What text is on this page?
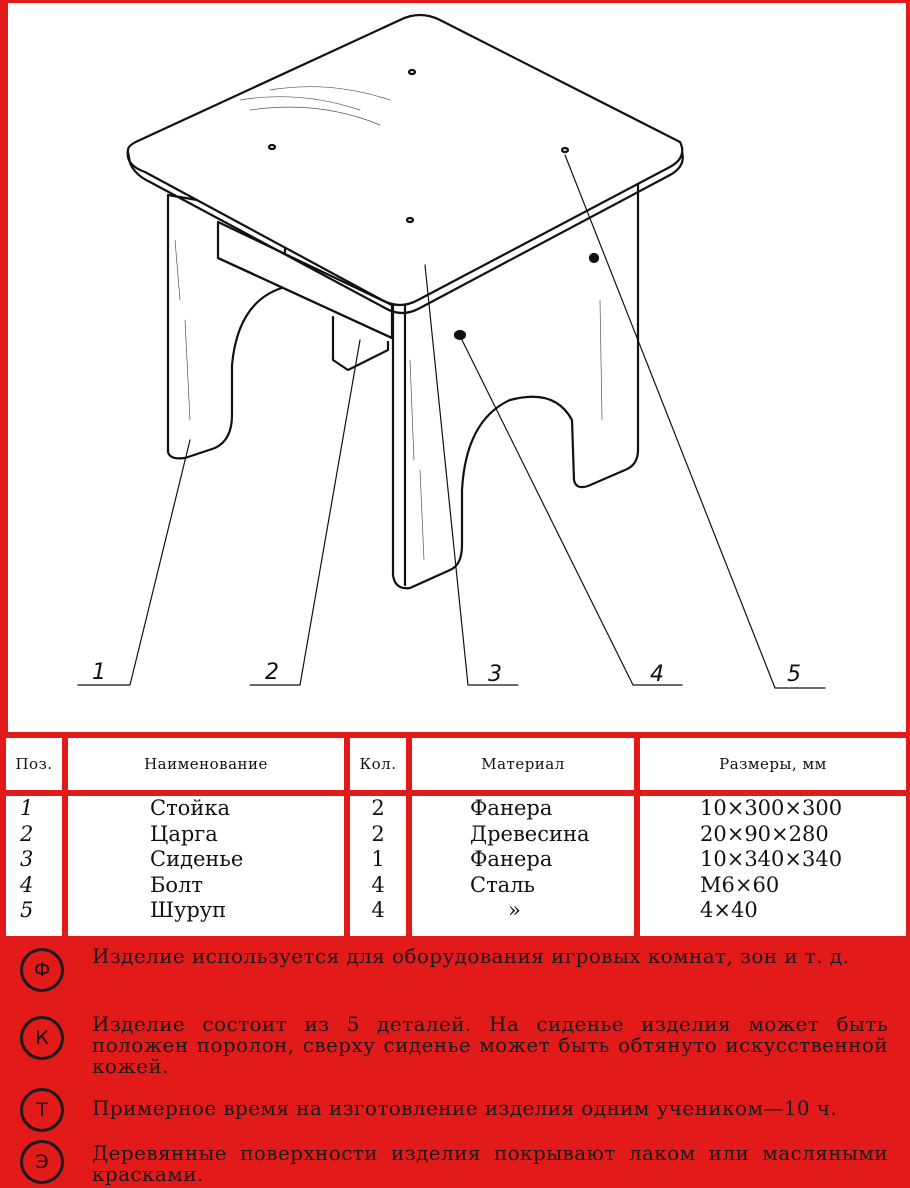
1	2	3	4	5
Поз.	Наименование	Кол.	Материал	Размеры, мм
1	Стойка	2	Фанера	10×300×300
2	Царга	2	Древесина	20×90×280
3	Сиденье	1	Фанера	10×340×340
4	Болт	4	Сталь	М6×60
5	Шуруп	4	»	4×40
Ф
Изделие используется для оборудования игровых комнат, зон и т. д.
К
Изделие состоит из 5 деталей. На сиденье изделия может быть положен поролон, сверху сиденье может быть обтянуто искусственной кожей.
Т	Примерное время на изготовление изделия одним учеником—10 ч.
Э	Деревянные поверхности изделия покрывают лаком или масляными красками.
